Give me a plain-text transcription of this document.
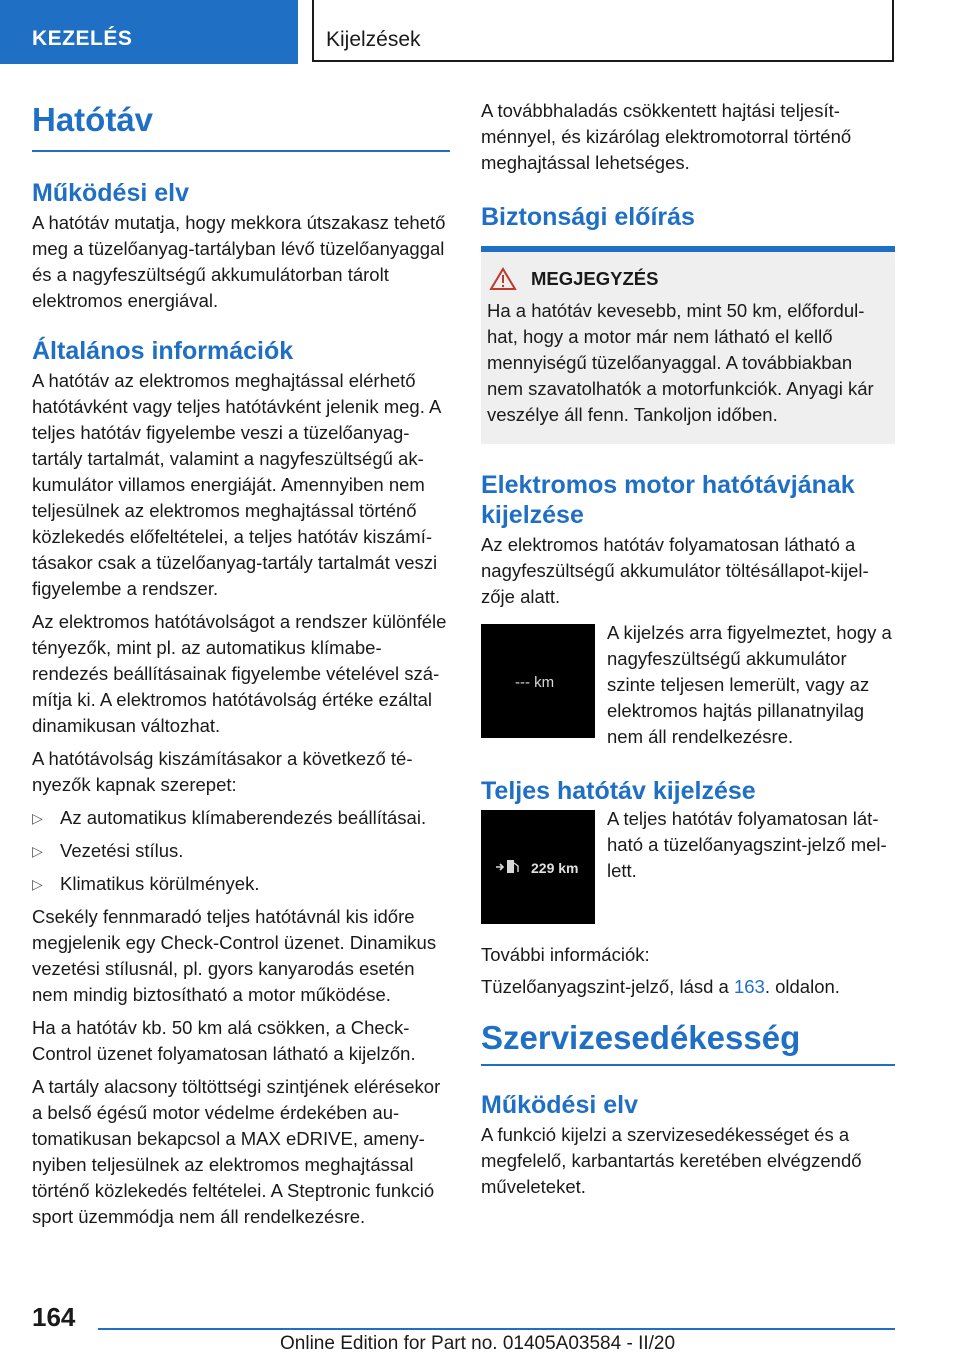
KEZELÉS	Kijelzések
Hatótáv
Működési elv

A hatótáv mutatja, hogy mekkora útszakasz tehető meg a tüzelőanyag-tartályban lévő tüzelőanyaggal és a nagyfeszültségű akkumulátorban tárolt elektromos energiával.

Általános információk

A hatótáv az elektromos meghajtással elérhető hatótávként vagy teljes hatótávként jelenik meg. A teljes hatótáv figyelembe veszi a tüzelőanyagtartály tartalmát, valamint a nagyfeszültségű akkumulátor villamos energiáját. Amennyiben nem teljesülnek az elektromos meghajtással történő közlekedés előfeltételei, a teljes hatótáv kiszámításakor csak a tüzelőanyag-tartály tartalmát veszi figyelembe a rendszer.

Az elektromos hatótávolságot a rendszer különféle tényezők, mint pl. az automatikus klímaberendezés beállításainak figyelembe vételével számítja ki. A elektromos hatótávolság értéke ezáltal dinamikusan változhat.

A hatótávolság kiszámításakor a következő tényezők kapnak szerepet:

▷ Az automatikus klímaberendezés beállításai.
▷ Vezetési stílus.
▷ Klimatikus körülmények.

Csekély fennmaradó teljes hatótávnál kis időre megjelenik egy Check-Control üzenet. Dinamikus vezetési stílusnál, pl. gyors kanyarodás esetén nem mindig biztosítható a motor működése.

Ha a hatótáv kb. 50 km alá csökken, a Check-Control üzenet folyamatosan látható a kijelzőn.

A tartály alacsony töltöttségi szintjének elérésekor a belső égésű motor védelme érdekében automatikusan bekapcsol a MAX eDRIVE, amenynyiben teljesülnek az elektromos meghajtással történő közlekedés feltételei. A Steptronic funkció sport üzemmódja nem áll rendelkezésre.

A továbbhaladás csökkentett hajtási teljesítménnyel, és kizárólag elektromotorral történő meghajtással lehetséges.

Biztonsági előírás
MEGJEGYZÉS

Ha a hatótáv kevesebb, mint 50 km, előfordulhat, hogy a motor már nem látható el kellő mennyiségű tüzelőanyaggal. A továbbiakban nem szavatolhatók a motorfunkciók. Anyagi kár veszélye áll fenn. Tankoljon időben.

Elektromos motor hatótávjának kijelzése

Az elektromos hatótáv folyamatosan látható a nagyfeszültségű akkumulátor töltésállapot-kijelzője alatt.

--- km

A kijelzés arra figyelmeztet, hogy a nagyfeszültségű akkumulátor szinte teljesen lemerült, vagy az elektromos hajtás pillanatnyilag nem áll rendelkezésre.

Teljes hatótáv kijelzése
229 km

A teljes hatótáv folyamatosan látható a tüzelőanyagszint-jelző mellett.

További információk:

Tüzelőanyagszint-jelző, lásd a 163. oldalon.

Szervizesedékesség
Működési elv

A funkció kijelzi a szervizesedékességet és a megfelelő, karbantartás keretében elvégzendő műveleteket.

164
Online Edition for Part no. 01405A03584 - II/20
